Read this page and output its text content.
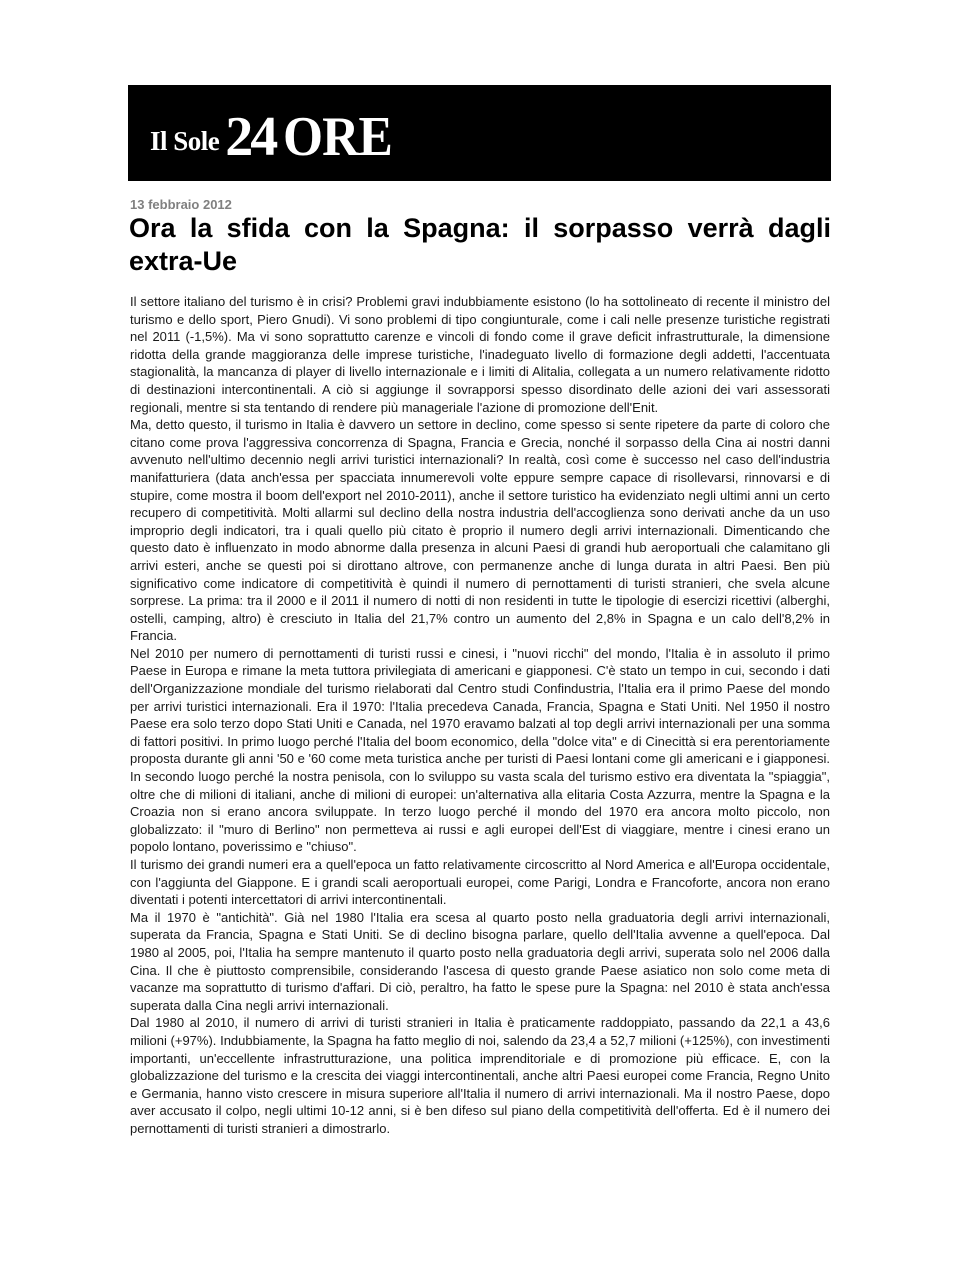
Il Sole 24 ORE
13 febbraio 2012
Ora la sfida con la Spagna: il sorpasso verrà dagli extra-Ue

Il settore italiano del turismo è in crisi? Problemi gravi indubbiamente esistono (lo ha sottolineato di recente il ministro del turismo e dello sport, Piero Gnudi). Vi sono problemi di tipo congiunturale, come i cali nelle presenze turistiche registrati nel 2011 (-1,5%). Ma vi sono soprattutto carenze e vincoli di fondo come il grave deficit infrastrutturale, la dimensione ridotta della grande maggioranza delle imprese turistiche, l'inadeguato livello di formazione degli addetti, l'accentuata stagionalità, la mancanza di player di livello internazionale e i limiti di Alitalia, collegata a un numero relativamente ridotto di destinazioni intercontinentali. A ciò si aggiunge il sovrapporsi spesso disordinato delle azioni dei vari assessorati regionali, mentre si sta tentando di rendere più manageriale l'azione di promozione dell'Enit.

Ma, detto questo, il turismo in Italia è davvero un settore in declino, come spesso si sente ripetere da parte di coloro che citano come prova l'aggressiva concorrenza di Spagna, Francia e Grecia, nonché il sorpasso della Cina ai nostri danni avvenuto nell'ultimo decennio negli arrivi turistici internazionali? In realtà, così come è successo nel caso dell'industria manifatturiera (data anch'essa per spacciata innumerevoli volte eppure sempre capace di risollevarsi, rinnovarsi e di stupire, come mostra il boom dell'export nel 2010-2011), anche il settore turistico ha evidenziato negli ultimi anni un certo recupero di competitività. Molti allarmi sul declino della nostra industria dell'accoglienza sono derivati anche da un uso improprio degli indicatori, tra i quali quello più citato è proprio il numero degli arrivi internazionali. Dimenticando che questo dato è influenzato in modo abnorme dalla presenza in alcuni Paesi di grandi hub aeroportuali che calamitano gli arrivi esteri, anche se questi poi si dirottano altrove, con permanenze anche di lunga durata in altri Paesi. Ben più significativo come indicatore di competitività è quindi il numero di pernottamenti di turisti stranieri, che svela alcune sorprese. La prima: tra il 2000 e il 2011 il numero di notti di non residenti in tutte le tipologie di esercizi ricettivi (alberghi, ostelli, camping, altro) è cresciuto in Italia del 21,7% contro un aumento del 2,8% in Spagna e un calo dell'8,2% in Francia.

Nel 2010 per numero di pernottamenti di turisti russi e cinesi, i "nuovi ricchi" del mondo, l'Italia è in assoluto il primo Paese in Europa e rimane la meta tuttora privilegiata di americani e giapponesi. C'è stato un tempo in cui, secondo i dati dell'Organizzazione mondiale del turismo rielaborati dal Centro studi Confindustria, l'Italia era il primo Paese del mondo per arrivi turistici internazionali. Era il 1970: l'Italia precedeva Canada, Francia, Spagna e Stati Uniti. Nel 1950 il nostro Paese era solo terzo dopo Stati Uniti e Canada, nel 1970 eravamo balzati al top degli arrivi internazionali per una somma di fattori positivi. In primo luogo perché l'Italia del boom economico, della "dolce vita" e di Cinecittà si era perentoriamente proposta durante gli anni '50 e '60 come meta turistica anche per turisti di Paesi lontani come gli americani e i giapponesi. In secondo luogo perché la nostra penisola, con lo sviluppo su vasta scala del turismo estivo era diventata la "spiaggia", oltre che di milioni di italiani, anche di milioni di europei: un'alternativa alla elitaria Costa Azzurra, mentre la Spagna e la Croazia non si erano ancora sviluppate. In terzo luogo perché il mondo del 1970 era ancora molto piccolo, non globalizzato: il "muro di Berlino" non permetteva ai russi e agli europei dell'Est di viaggiare, mentre i cinesi erano un popolo lontano, poverissimo e "chiuso".

Il turismo dei grandi numeri era a quell'epoca un fatto relativamente circoscritto al Nord America e all'Europa occidentale, con l'aggiunta del Giappone. E i grandi scali aeroportuali europei, come Parigi, Londra e Francoforte, ancora non erano diventati i potenti intercettatori di arrivi intercontinentali.

Ma il 1970 è "antichità". Già nel 1980 l'Italia era scesa al quarto posto nella graduatoria degli arrivi internazionali, superata da Francia, Spagna e Stati Uniti. Se di declino bisogna parlare, quello dell'Italia avvenne a quell'epoca. Dal 1980 al 2005, poi, l'Italia ha sempre mantenuto il quarto posto nella graduatoria degli arrivi, superata solo nel 2006 dalla Cina. Il che è piuttosto comprensibile, considerando l'ascesa di questo grande Paese asiatico non solo come meta di vacanze ma soprattutto di turismo d'affari. Di ciò, peraltro, ha fatto le spese pure la Spagna: nel 2010 è stata anch'essa superata dalla Cina negli arrivi internazionali.

Dal 1980 al 2010, il numero di arrivi di turisti stranieri in Italia è praticamente raddoppiato, passando da 22,1 a 43,6 milioni (+97%). Indubbiamente, la Spagna ha fatto meglio di noi, salendo da 23,4 a 52,7 milioni (+125%), con investimenti importanti, un'eccellente infrastrutturazione, una politica imprenditoriale e di promozione più efficace. E, con la globalizzazione del turismo e la crescita dei viaggi intercontinentali, anche altri Paesi europei come Francia, Regno Unito e Germania, hanno visto crescere in misura superiore all'Italia il numero di arrivi internazionali. Ma il nostro Paese, dopo aver accusato il colpo, negli ultimi 10-12 anni, si è ben difeso sul piano della competitività dell'offerta. Ed è il numero dei pernottamenti di turisti stranieri a dimostrarlo.
